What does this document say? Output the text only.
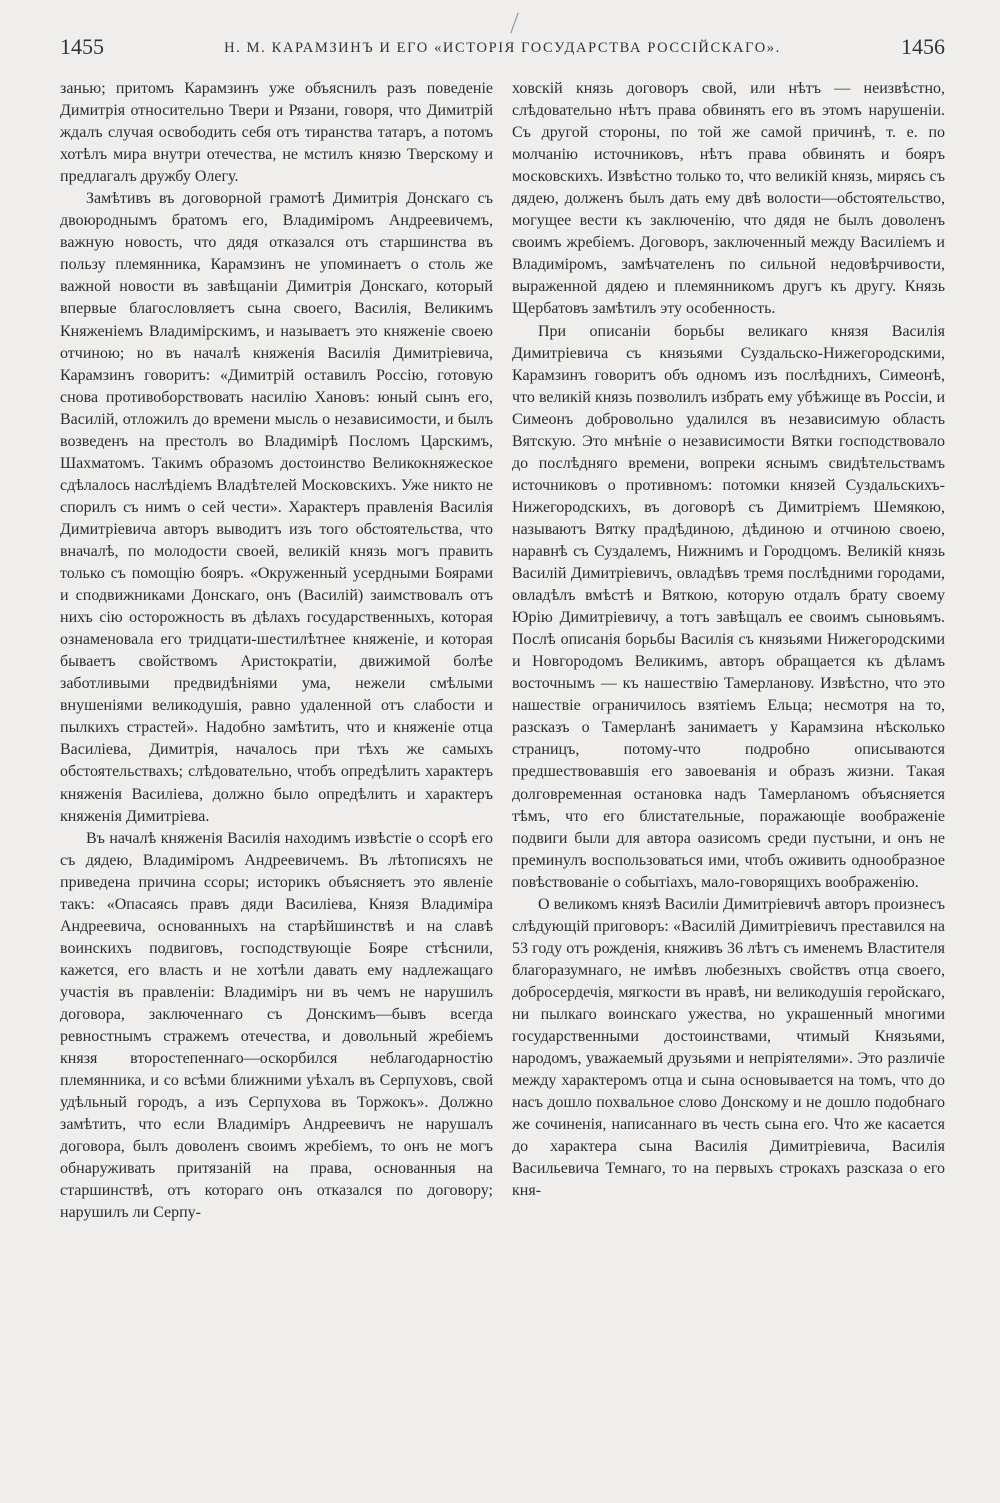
1455	Н. М. КАРАМЗИНЪ И ЕГО «ИСТОРІЯ ГОСУДАРСТВА РОССІЙСКАГО».	1456

занью; притомъ Карамзинъ уже объяснилъ разъ поведеніе Димитрія относительно Твери и Рязани, говоря, что Димитрій ждалъ случая освободить себя отъ тиранства татаръ, а потомъ хотѣлъ мира внутри отечества, не мстилъ князю Тверскому и предлагалъ дружбу Олегу.

Замѣтивъ въ договорной грамотѣ Димитрія Донскаго съ двоюроднымъ братомъ его, Владиміромъ Андреевичемъ, важную новость, что дядя отказался отъ старшинства въ пользу племянника, Карамзинъ не упоминаетъ о столь же важной новости въ завѣщаніи Димитрія Донскаго, который впервые благословляетъ сына своего, Василія, Великимъ Княженіемъ Владимірскимъ, и называетъ это княженіе своею отчиною; но въ началѣ княженія Василія Димитріевича, Карамзинъ говоритъ: «Димитрій оставилъ Россію, готовую снова противоборствовать насилію Хановъ: юный сынъ его, Василій, отложилъ до времени мысль о независимости, и былъ возведенъ на престолъ во Владимірѣ Посломъ Царскимъ, Шахматомъ. Такимъ образомъ достоинство Великокняжеское сдѣлалось наслѣдіемъ Владѣтелей Московскихъ. Уже никто не спорилъ съ нимъ о сей чести». Характеръ правленія Василія Димитріевича авторъ выводитъ изъ того обстоятельства, что вначалѣ, по молодости своей, великій князь могъ править только съ помощію бояръ. «Окруженный усердными Боярами и сподвижниками Донскаго, онъ (Василій) заимствовалъ отъ нихъ сію осторожность въ дѣлахъ государственныхъ, которая ознаменовала его тридцати-шестилѣтнее княженіе, и которая бываетъ свойствомъ Аристократіи, движимой болѣе заботливыми предвидѣніями ума, нежели смѣлыми внушеніями великодушія, равно удаленной отъ слабости и пылкихъ страстей». Надобно замѣтить, что и княженіе отца Василіева, Димитрія, началось при тѣхъ же самыхъ обстоятельствахъ; слѣдовательно, чтобъ опредѣлить характеръ княженія Василіева, должно было опредѣлить и характеръ княженія Димитріева.

Въ началѣ княженія Василія находимъ извѣстіе о ссорѣ его съ дядею, Владиміромъ Андреевичемъ. Въ лѣтописяхъ не приведена причина ссоры; историкъ объясняетъ это явленіе такъ: «Опасаясь правъ дяди Василіева, Князя Владиміра Андреевича, основанныхъ на старѣйшинствѣ и на славѣ воинскихъ подвиговъ, господствующіе Бояре стѣснили, кажется, его власть и не хотѣли давать ему надлежащаго участія въ правленіи: Владиміръ ни въ чемъ не нарушилъ договора, заключеннаго съ Донскимъ—бывъ всегда ревностнымъ стражемъ отечества, и довольный жребіемъ князя второстепеннаго—оскорбился неблагодарностію племянника, и со всѣми ближними уѣхалъ въ Серпуховъ, свой удѣльный городъ, а изъ Серпухова въ Торжокъ». Должно замѣтить, что если Владиміръ Андреевичъ не нарушалъ договора, былъ доволенъ своимъ жребіемъ, то онъ не могъ обнаруживать притязаній на права, основанныя на старшинствѣ, отъ котораго онъ отказался по договору; нарушилъ ли Серпу-

ховскій князь договоръ свой, или нѣтъ — неизвѣстно, слѣдовательно нѣтъ права обвинять его въ этомъ нарушеніи. Съ другой стороны, по той же самой причинѣ, т. е. по молчанію источниковъ, нѣтъ права обвинять и бояръ московскихъ. Извѣстно только то, что великій князь, мирясь съ дядею, долженъ былъ дать ему двѣ волости—обстоятельство, могущее вести къ заключенію, что дядя не былъ доволенъ своимъ жребіемъ. Договоръ, заключенный между Василіемъ и Владиміромъ, замѣчателенъ по сильной недовѣрчивости, выраженной дядею и племянникомъ другъ къ другу. Князь Щербатовъ замѣтилъ эту особенность.

При описаніи борьбы великаго князя Василія Димитріевича съ князьями Суздальско-Нижегородскими, Карамзинъ говоритъ объ одномъ изъ послѣднихъ, Симеонѣ, что великій князь позволилъ избрать ему убѣжище въ Россіи, и Симеонъ добровольно удалился въ независимую область Вятскую. Это мнѣніе о независимости Вятки господствовало до послѣдняго времени, вопреки яснымъ свидѣтельствамъ источниковъ о противномъ: потомки князей Суздальскихъ-Нижегородскихъ, въ договорѣ съ Димитріемъ Шемякою, называютъ Вятку прадѣдиною, дѣдиною и отчиною своею, наравнѣ съ Суздалемъ, Нижнимъ и Городцомъ. Великій князь Василій Димитріевичъ, овладѣвъ тремя послѣдними городами, овладѣлъ вмѣстѣ и Вяткою, которую отдалъ брату своему Юрію Димитріевичу, а тотъ завѣщалъ ее своимъ сыновьямъ. Послѣ описанія борьбы Василія съ князьями Нижегородскими и Новгородомъ Великимъ, авторъ обращается къ дѣламъ восточнымъ — къ нашествію Тамерланову. Извѣстно, что это нашествіе ограничилось взятіемъ Ельца; несмотря на то, разсказъ о Тамерланѣ занимаетъ у Карамзина нѣсколько страницъ, потому-что подробно описываются предшествовавшія его завоеванія и образъ жизни. Такая долговременная остановка надъ Тамерланомъ объясняется тѣмъ, что его блистательные, поражающіе воображеніе подвиги были для автора оазисомъ среди пустыни, и онъ не преминулъ воспользоваться ими, чтобъ оживить однообразное повѣствованіе о событіахъ, мало-говорящихъ воображенію.

О великомъ князѣ Василіи Димитріевичѣ авторъ произнесъ слѣдующій приговоръ: «Василій Димитріевичъ преставился на 53 году отъ рожденія, княживъ 36 лѣтъ съ именемъ Властителя благоразумнаго, не имѣвъ любезныхъ свойствъ отца своего, добросердечія, мягкости въ нравѣ, ни великодушія геройскаго, ни пылкаго воинскаго ужества, но украшенный многими государственными достоинствами, чтимый Князьями, народомъ, уважаемый друзьями и непріятелями». Это различіе между характеромъ отца и сына основывается на томъ, что до насъ дошло похвальное слово Донскому и не дошло подобнаго же сочиненія, написаннаго въ честь сына его. Что же касается до характера сына Василія Димитріевича, Василія Васильевича Темнаго, то на первыхъ строкахъ разсказа о его кня-
